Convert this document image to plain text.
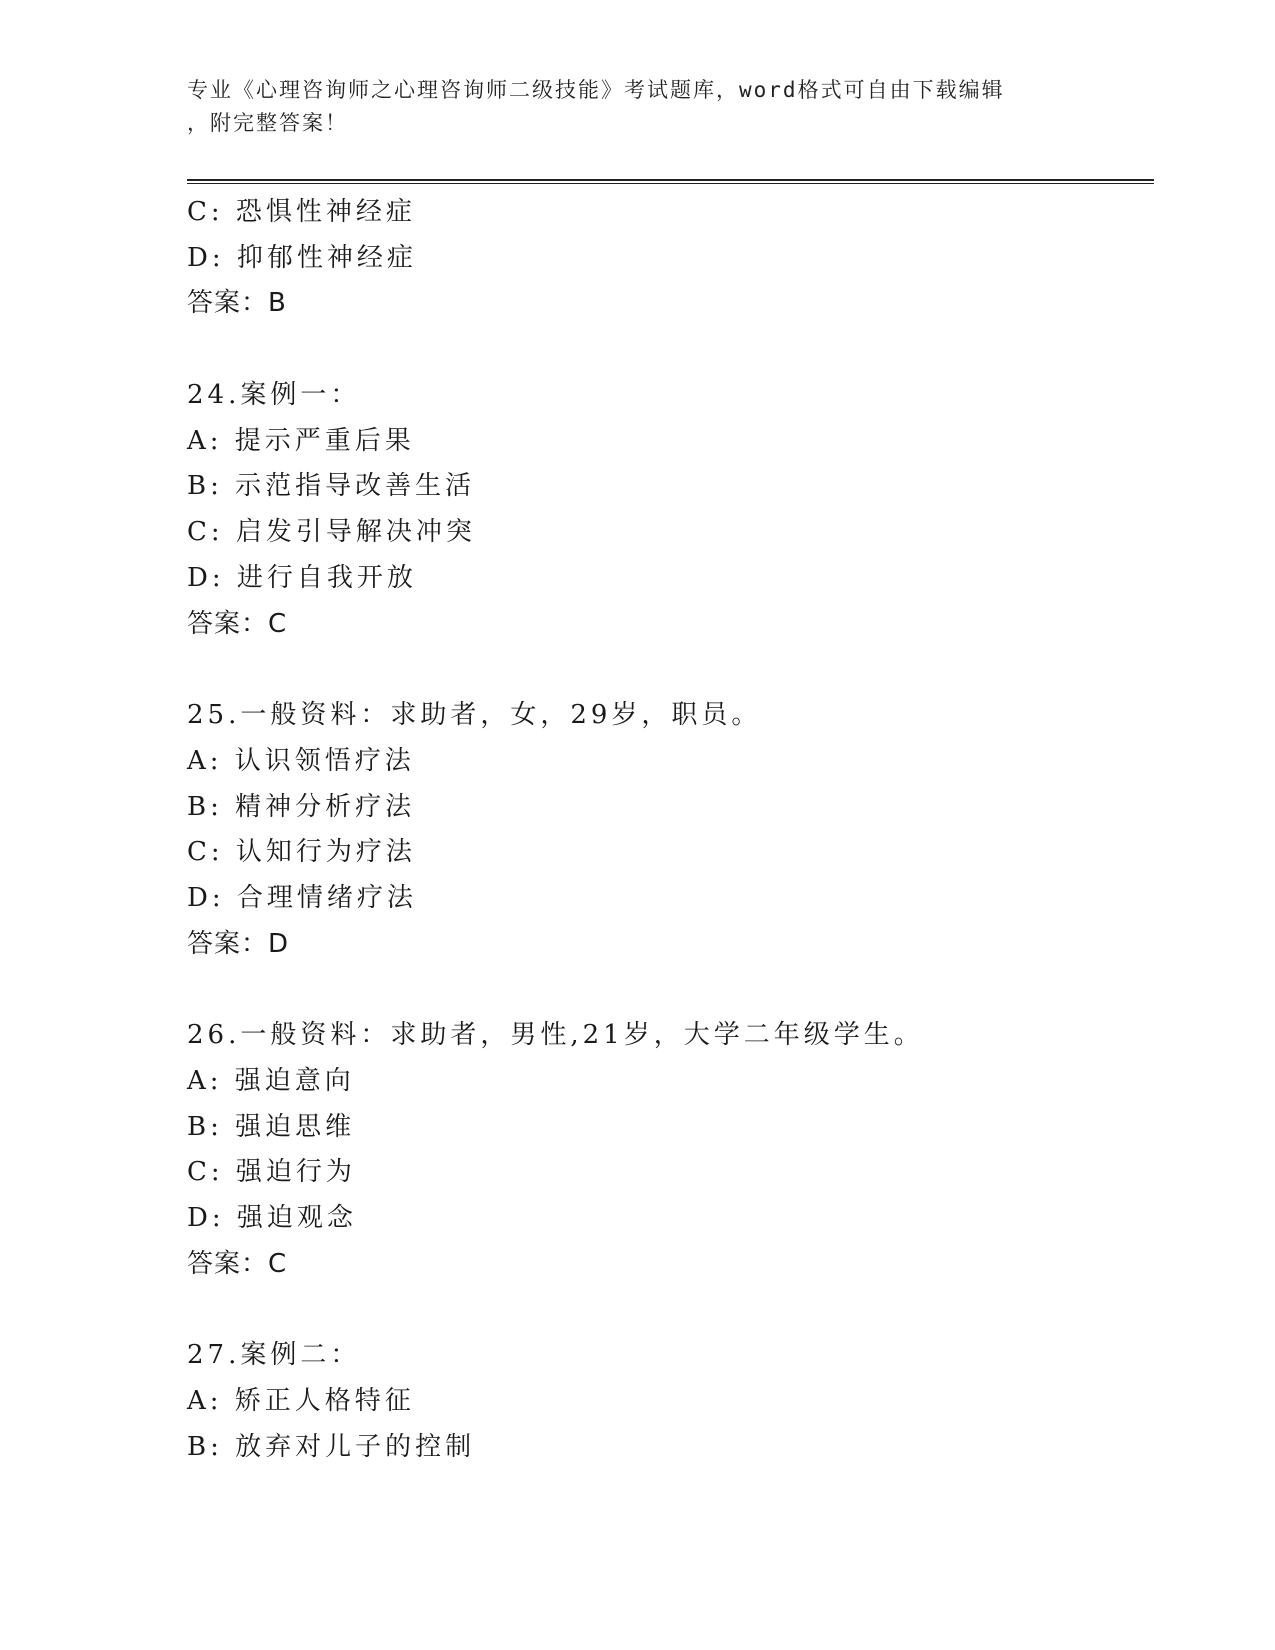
专业《心理咨询师之心理咨询师二级技能》考试题库，word格式可自由下载编辑
，附完整答案！
C: 恐惧性神经症
D: 抑郁性神经症
答案：B
24.案例一：
A: 提示严重后果
B: 示范指导改善生活
C: 启发引导解决冲突
D: 进行自我开放
答案：C
25.一般资料：求助者，女，29岁，职员。
A: 认识领悟疗法
B: 精神分析疗法
C: 认知行为疗法
D: 合理情绪疗法
答案：D
26.一般资料：求助者，男性,21岁，大学二年级学生。
A: 强迫意向
B: 强迫思维
C: 强迫行为
D: 强迫观念
答案：C
27.案例二：
A: 矫正人格特征
B: 放弃对儿子的控制
